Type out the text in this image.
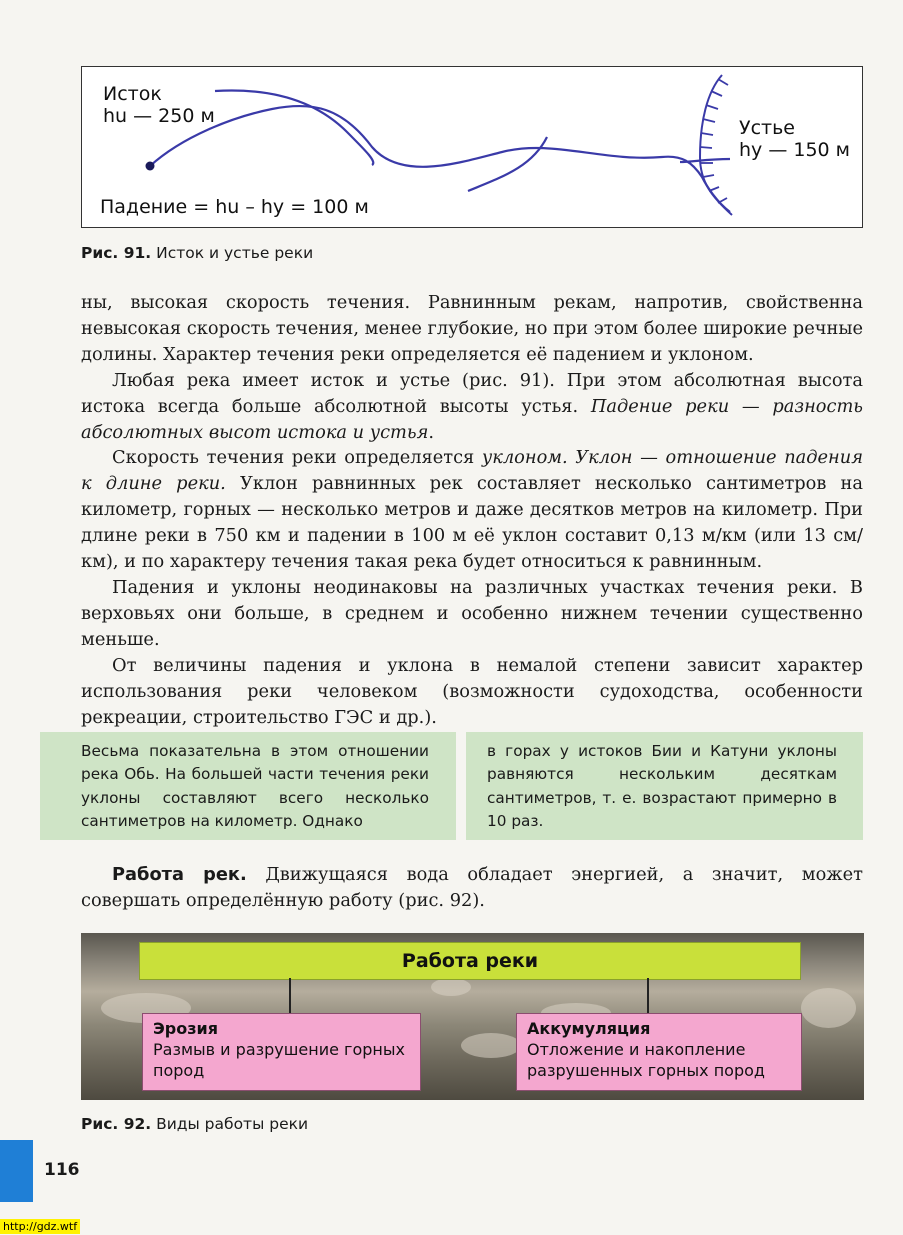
Исток
hu — 250 м
Устье
hy — 150 м
Падение = hu – hy = 100 м
Рис. 91. Исток и устье реки

ны, высокая скорость течения. Равнинным рекам, напротив, свойственна невысокая скорость течения, менее глубокие, но при этом более широкие речные долины. Характер течения реки определяется её падением и уклоном.

Любая река имеет исток и устье (рис. 91). При этом абсолютная высота истока всегда больше абсолютной высоты устья. Падение реки — разность абсолютных высот истока и устья.

Скорость течения реки определяется уклоном. Уклон — отношение падения к длине реки. Уклон равнинных рек составляет несколько сантиметров на километр, горных — несколько метров и даже десятков метров на километр. При длине реки в 750 км и падении в 100 м её уклон составит 0,13 м/км (или 13 см/км), и по характеру течения такая река будет относиться к равнинным.

Падения и уклоны неодинаковы на различных участках течения реки. В верховьях они больше, в среднем и особенно нижнем течении существенно меньше.

От величины падения и уклона в немалой степени зависит характер использования реки человеком (возможности судоходства, особенности рекреации, строительство ГЭС и др.).

Весьма показательна в этом отношении река Обь. На большей части течения реки уклоны составляют всего несколько сантиметров на километр. Однако
в горах у истоков Бии и Катуни уклоны равняются нескольким десяткам сантиметров, т. е. возрастают примерно в 10 раз.
Работа рек. Движущаяся вода обладает энергией, а значит, может совершать определённую работу (рис. 92).
Работа реки
Эрозия
Размыв и разрушение горных пород
Аккумуляция
Отложение и накопление разрушенных горных пород
Рис. 92. Виды работы реки
116
http://gdz.wtf
